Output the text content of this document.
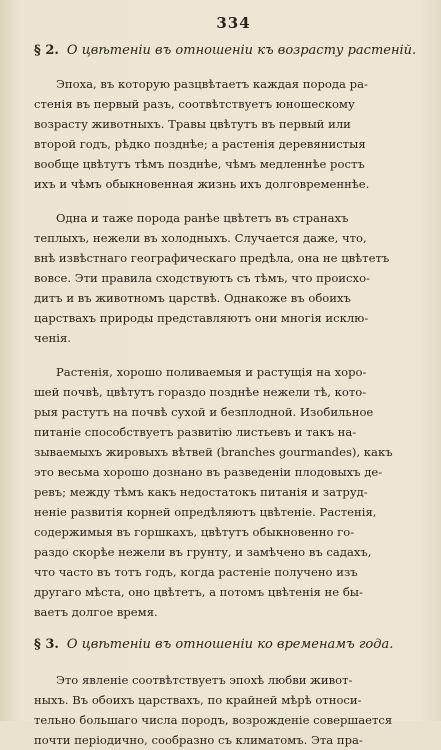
334
§ 2. О цвѣтеніи въ отношеніи къ возрасту растеній.
Эпоха, въ которую разцвѣтаетъ каждая порода ра-
стенія въ первый разъ, соотвѣтствуетъ юношескому
возрасту животныхъ. Травы цвѣтутъ въ первый или
второй годъ, рѣдко позднѣе; а растенія деревянистыя
вообще цвѣтутъ тѣмъ позднѣе, чѣмъ медленнѣе ростъ
ихъ и чѣмъ обыкновенная жизнь ихъ долговременнѣе.
Одна и таже порода ранѣе цвѣтетъ въ странахъ
теплыхъ, нежели въ холодныхъ. Случается даже, что,
внѣ извѣстнаго географическаго предѣла, она не цвѣтетъ
вовсе. Эти правила сходствуютъ съ тѣмъ, что происхо-
дитъ и въ животномъ царствѣ. Однакоже въ обоихъ
царствахъ природы представляютъ они многія исклю-
ченія.
Растенія, хорошо поливаемыя и растущія на хоро-
шей почвѣ, цвѣтутъ гораздо позднѣе нежели тѣ, кото-
рыя растутъ на почвѣ сухой и безплодной. Изобильное
питаніе способствуетъ развитію листьевъ и такъ на-
зываемыхъ жировыхъ вѣтвей (branches gourmandes), какъ
это весьма хорошо дознано въ разведеніи плодовыхъ де-
ревъ; между тѣмъ какъ недостатокъ питанія и затруд-
неніе развитія корней опредѣляютъ цвѣтеніе. Растенія,
содержимыя въ горшкахъ, цвѣтутъ обыкновенно го-
раздо скорѣе нежели въ грунту, и замѣчено въ садахъ,
что часто въ тотъ годъ, когда растеніе получено изъ
другаго мѣста, оно цвѣтетъ, а потомъ цвѣтенія не бы-
ваетъ долгое время.
§ 3. О цвѣтеніи въ отношеніи ко временамъ года.
Это явленіе соотвѣтствуетъ эпохѣ любви живот-
ныхъ. Въ обоихъ царствахъ, по крайней мѣрѣ относи-
тельно большаго числа породъ, возрожденіе совершается
почти періодично, сообразно съ климатомъ. Эта пра-
